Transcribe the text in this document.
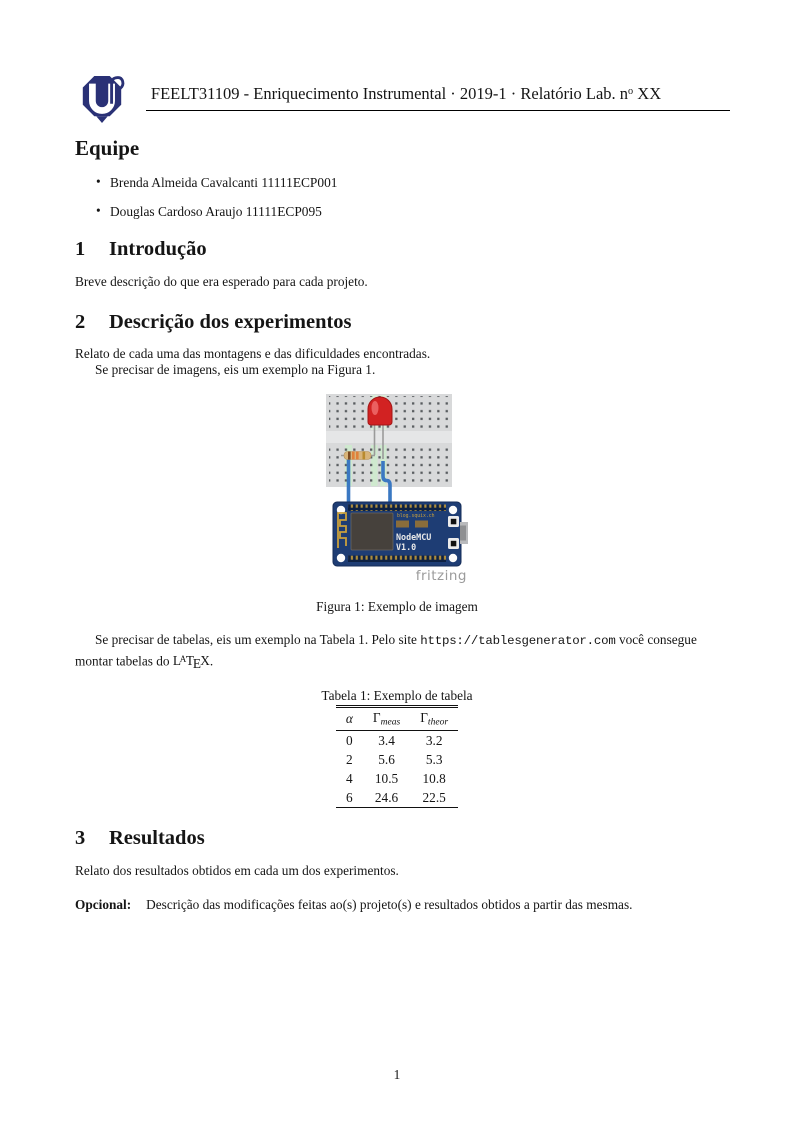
FEELT31109 - Enriquecimento Instrumental · 2019-1 · Relatório Lab. $n^o$ XX
Equipe
• Brenda Almeida Cavalcanti 11111ECP001
• Douglas Cardoso Araujo 11111ECP095
1 Introdução
Breve descrição do que era esperado para cada projeto.
2 Descrição dos experimentos
Relato de cada uma das montagens e das dificuldades encontradas.
Se precisar de imagens, eis um exemplo na Figura 1.
blog.squix.ch
NodeMCU
V1.0
fritzing
Figura 1: Exemplo de imagem
Se precisar de tabelas, eis um exemplo na Tabela 1. Pelo site https://tablesgenerator.com você consegue
montar tabelas do $L^ATEX$.
Tabela 1: Exemplo de tabela
α	Γmeas	Γtheor
0	3.4	3.2
2	5.6	5.3
4	10.5	10.8
6	24.6	22.5
3 Resultados
Relato dos resultados obtidos em cada um dos experimentos.
Opcional: Descrição das modificações feitas ao(s) projeto(s) e resultados obtidos a partir das mesmas.
1
